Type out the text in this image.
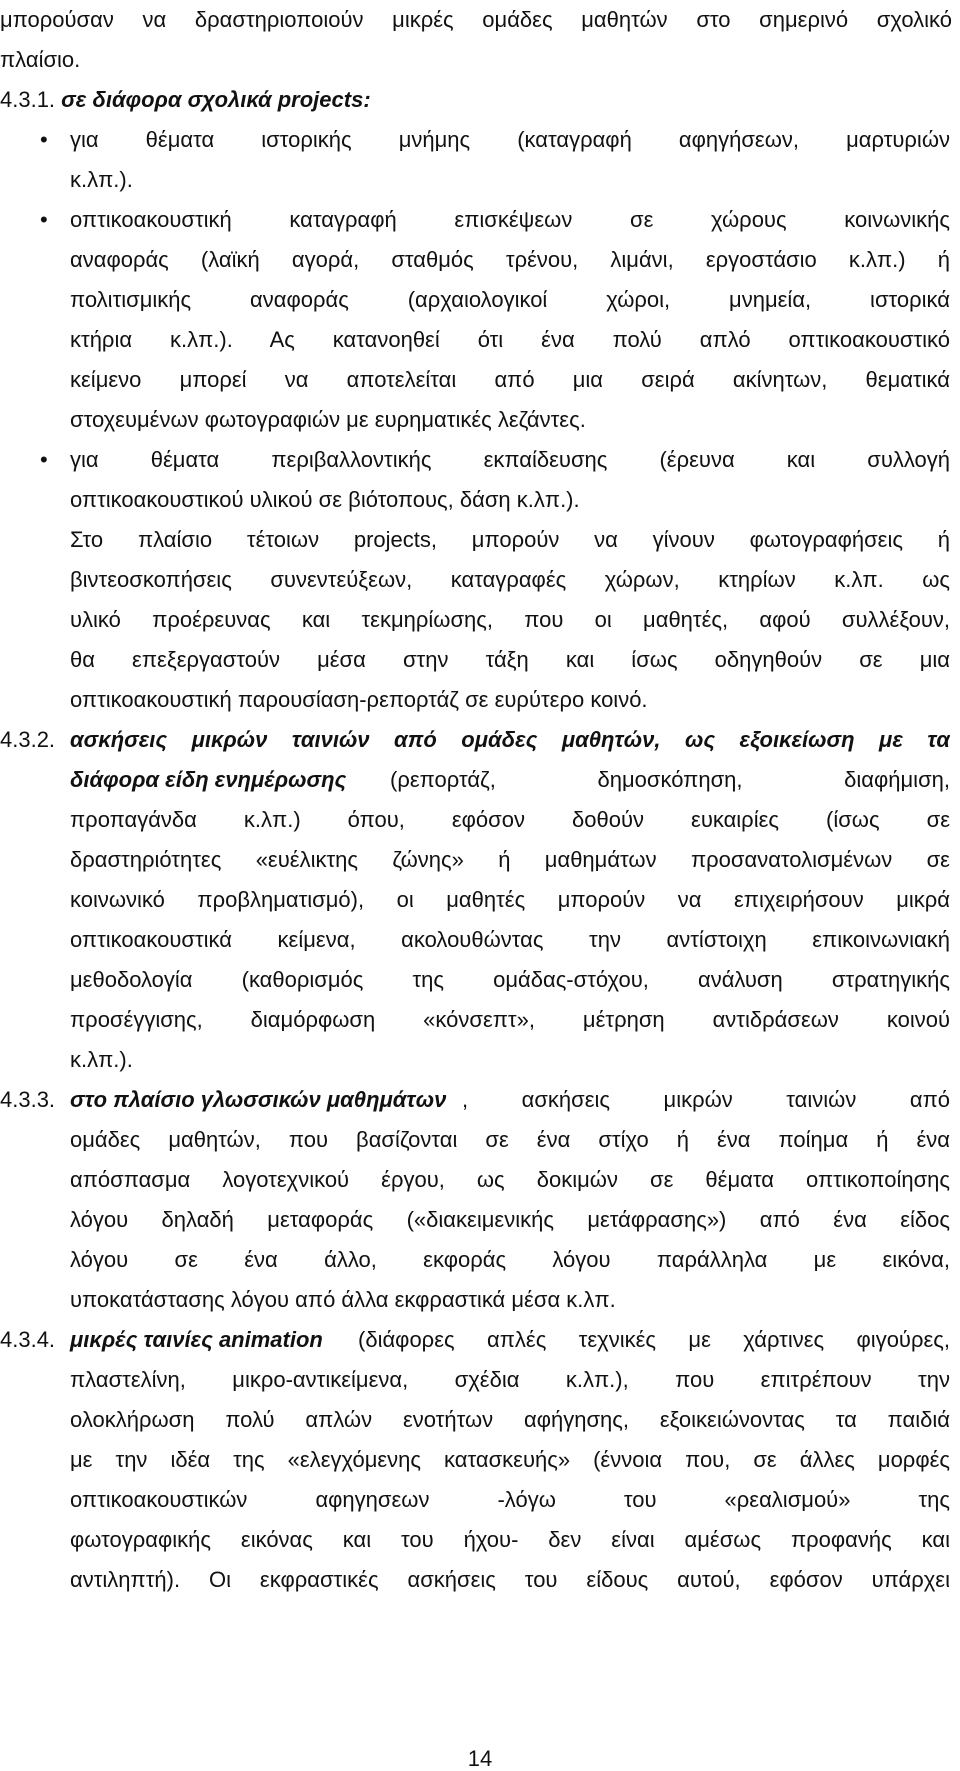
μπορούσαν να δραστηριοποιούν μικρές ομάδες μαθητών στο σημερινό σχολικό
πλαίσιο.
4.3.1. σε διάφορα σχολικά projects:
• για θέματα ιστορικής μνήμης (καταγραφή αφηγήσεων, μαρτυριών
κ.λπ.).
• οπτικοακουστική καταγραφή επισκέψεων σε χώρους κοινωνικής
αναφοράς (λαϊκή αγορά, σταθμός τρένου, λιμάνι, εργοστάσιο κ.λπ.) ή
πολιτισμικής αναφοράς (αρχαιολογικοί χώροι, μνημεία, ιστορικά
κτήρια κ.λπ.). Ας κατανοηθεί ότι ένα πολύ απλό οπτικοακουστικό
κείμενο μπορεί να αποτελείται από μια σειρά ακίνητων, θεματικά
στοχευμένων φωτογραφιών με ευρηματικές λεζάντες.
• για θέματα περιβαλλοντικής εκπαίδευσης (έρευνα και συλλογή
οπτικοακουστικού υλικού σε βιότοπους, δάση κ.λπ.).
Στο πλαίσιο τέτοιων projects, μπορούν να γίνουν φωτογραφήσεις ή
βιντεοσκοπήσεις συνεντεύξεων, καταγραφές χώρων, κτηρίων κ.λπ. ως
υλικό προέρευνας και τεκμηρίωσης, που οι μαθητές, αφού συλλέξουν,
θα επεξεργαστούν μέσα στην τάξη και ίσως οδηγηθούν σε μια
οπτικοακουστική παρουσίαση-ρεπορτάζ σε ευρύτερο κοινό.
4.3.2. ασκήσεις μικρών ταινιών από ομάδες μαθητών, ως εξοικείωση με τα
διάφορα είδη ενημέρωσης (ρεπορτάζ, δημοσκόπηση, διαφήμιση,
προπαγάνδα κ.λπ.) όπου, εφόσον δοθούν ευκαιρίες (ίσως σε
δραστηριότητες «ευέλικτης ζώνης» ή μαθημάτων προσανατολισμένων σε
κοινωνικό προβληματισμό), οι μαθητές μπορούν να επιχειρήσουν μικρά
οπτικοακουστικά κείμενα, ακολουθώντας την αντίστοιχη επικοινωνιακή
μεθοδολογία (καθορισμός της ομάδας-στόχου, ανάλυση στρατηγικής
προσέγγισης, διαμόρφωση «κόνσεπτ», μέτρηση αντιδράσεων κοινού
κ.λπ.).
4.3.3. στο πλαίσιο γλωσσικών μαθημάτων , ασκήσεις μικρών ταινιών από
ομάδες μαθητών, που βασίζονται σε ένα στίχο ή ένα ποίημα ή ένα
απόσπασμα λογοτεχνικού έργου, ως δοκιμών σε θέματα οπτικοποίησης
λόγου δηλαδή μεταφοράς («διακειμενικής μετάφρασης») από ένα είδος
λόγου σε ένα άλλο, εκφοράς λόγου παράλληλα με εικόνα,
υποκατάστασης λόγου από άλλα εκφραστικά μέσα κ.λπ.
4.3.4. μικρές ταινίες animation (διάφορες απλές τεχνικές με χάρτινες φιγούρες,
πλαστελίνη, μικρο-αντικείμενα, σχέδια κ.λπ.), που επιτρέπουν την
ολοκλήρωση πολύ απλών ενοτήτων αφήγησης, εξοικειώνοντας τα παιδιά
με την ιδέα της «ελεγχόμενης κατασκευής» (έννοια που, σε άλλες μορφές
οπτικοακουστικών αφηγησεων -λόγω του «ρεαλισμού» της
φωτογραφικής εικόνας και του ήχου- δεν είναι αμέσως προφανής και
αντιληπτή). Οι εκφραστικές ασκήσεις του είδους αυτού, εφόσον υπάρχει
14
